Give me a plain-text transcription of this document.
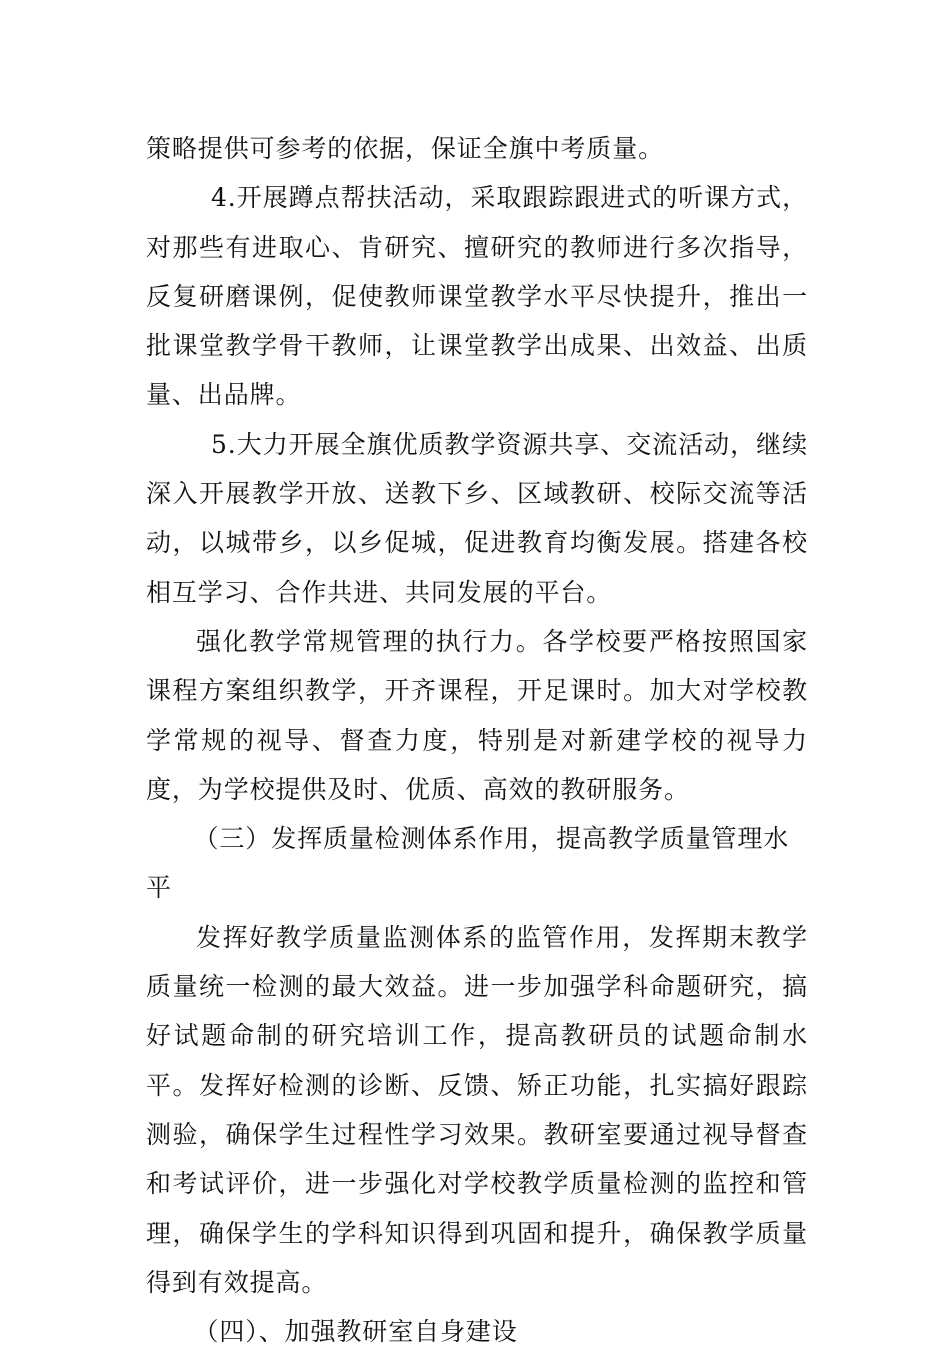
策略提供可参考的依据，保证全旗中考质量。

4.开展蹲点帮扶活动，采取跟踪跟进式的听课方式，对那些有进取心、肯研究、擅研究的教师进行多次指导，反复研磨课例，促使教师课堂教学水平尽快提升，推出一批课堂教学骨干教师，让课堂教学出成果、出效益、出质量、出品牌。

5.大力开展全旗优质教学资源共享、交流活动，继续深入开展教学开放、送教下乡、区域教研、校际交流等活动，以城带乡，以乡促城，促进教育均衡发展。搭建各校相互学习、合作共进、共同发展的平台。

强化教学常规管理的执行力。各学校要严格按照国家课程方案组织教学，开齐课程，开足课时。加大对学校教学常规的视导、督查力度，特别是对新建学校的视导力度，为学校提供及时、优质、高效的教研服务。

（三）发挥质量检测体系作用，提高教学质量管理水平

发挥好教学质量监测体系的监管作用，发挥期末教学质量统一检测的最大效益。进一步加强学科命题研究，搞好试题命制的研究培训工作，提高教研员的试题命制水平。发挥好检测的诊断、反馈、矫正功能，扎实搞好跟踪测验，确保学生过程性学习效果。教研室要通过视导督查和考试评价，进一步强化对学校教学质量检测的监控和管理，确保学生的学科知识得到巩固和提升，确保教学质量得到有效提高。

（四）、加强教研室自身建设
